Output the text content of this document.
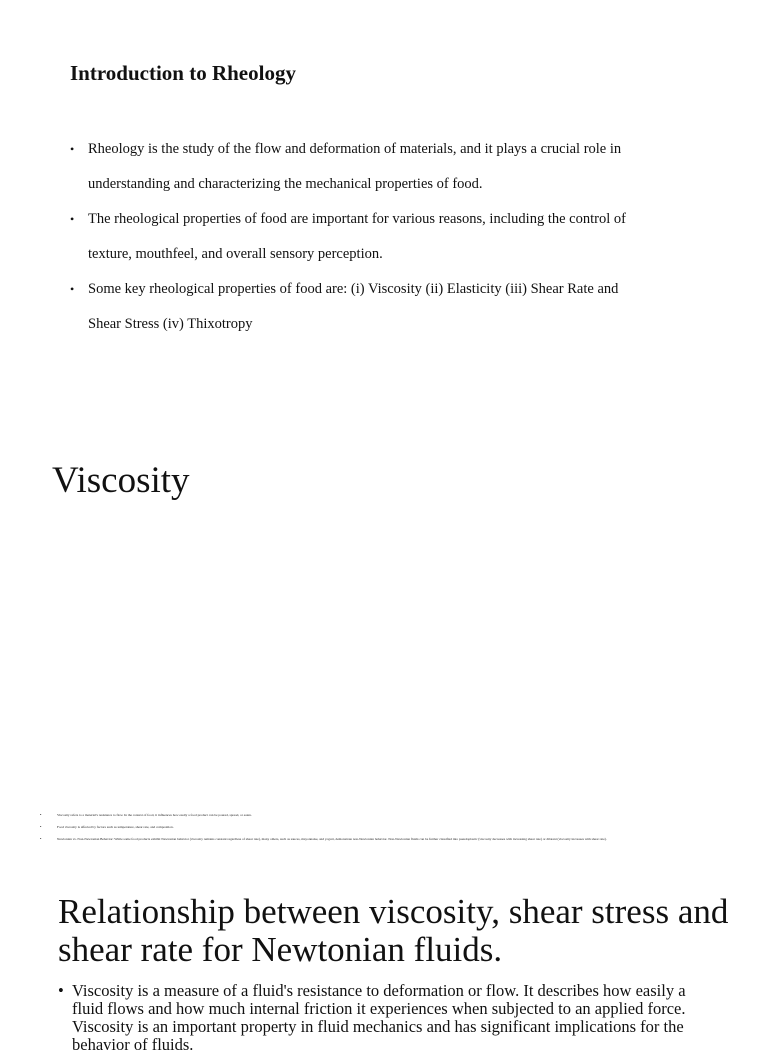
Introduction to Rheology
• Rheology is the study of the flow and deformation of materials, and it plays a crucial role in
understanding and characterizing the mechanical properties of food.
• The rheological properties of food are important for various reasons, including the control of
texture, mouthfeel, and overall sensory perception.
• Some key rheological properties of food are: (i) Viscosity (ii) Elasticity (iii) Shear Rate and
Shear Stress (iv) Thixotropy
Viscosity
•	Viscosity refers to a material's resistance to flow. In the context of food, it influences how easily a food product can be poured, spread, or eaten.
•	Food viscosity is affected by factors such as temperature, shear rate, and composition.
•	Newtonian vs. Non-Newtonian Behavior: While some food products exhibit Newtonian behavior (viscosity remains constant regardless of shear rate), many others, such as sauces, mayonnaise, and yogurt, demonstrate non-Newtonian behavior. Non-Newtonian fluids can be further classified into pseudoplastic (viscosity decreases with increasing shear rate) or dilatant (viscosity increases with shear rate).
Relationship between viscosity, shear stress and shear rate for Newtonian fluids.
• Viscosity is a measure of a fluid's resistance to deformation or flow. It describes how easily a fluid flows and how much internal friction it experiences when subjected to an applied force. Viscosity is an important property in fluid mechanics and has significant implications for the behavior of fluids.
